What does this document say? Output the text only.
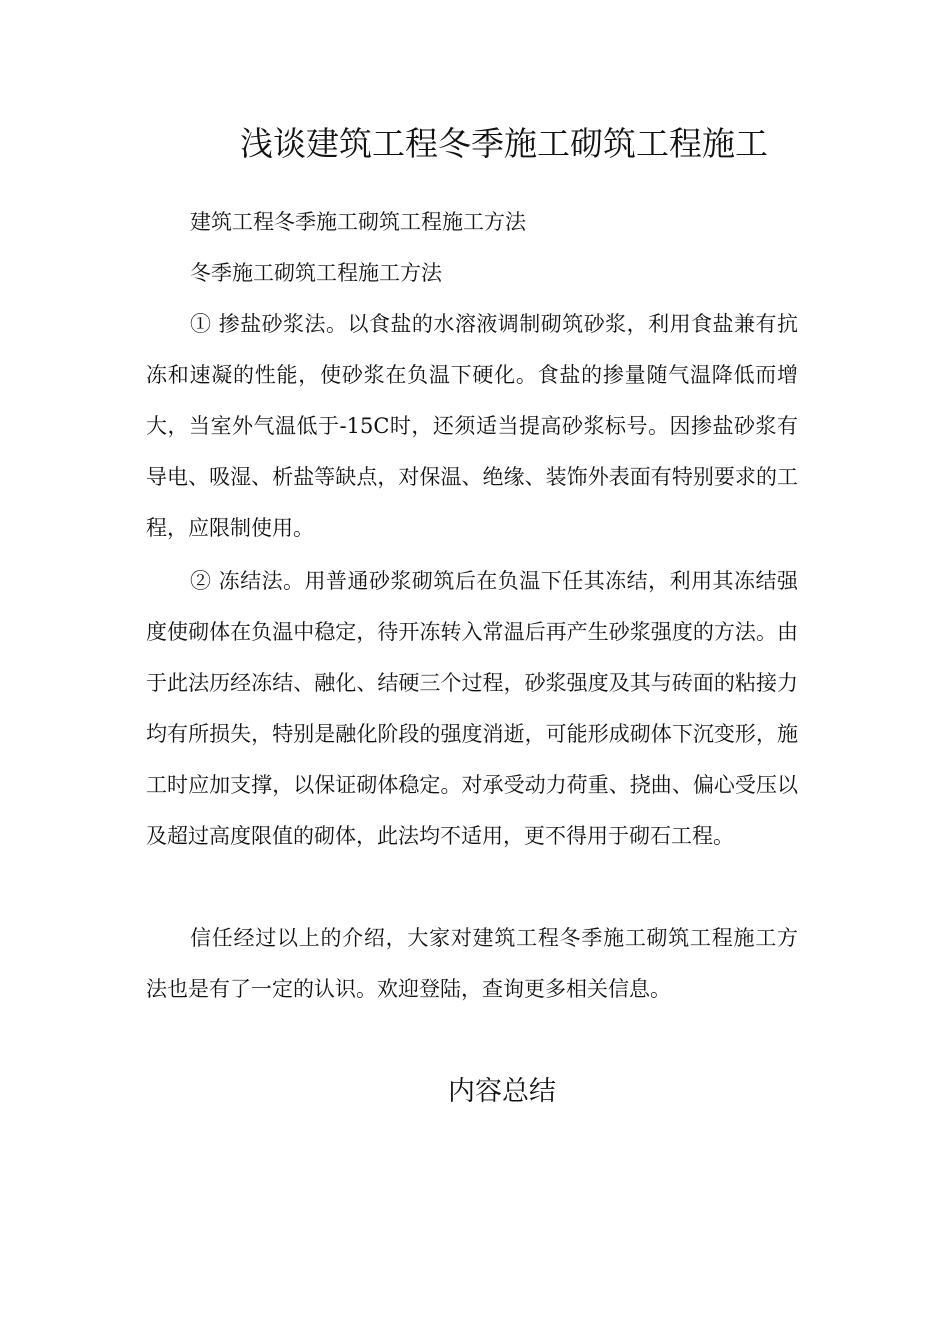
浅谈建筑工程冬季施工砌筑工程施工

建筑工程冬季施工砌筑工程施工方法

冬季施工砌筑工程施工方法

① 掺盐砂浆法。以食盐的水溶液调制砌筑砂浆，利用食盐兼有抗冻和速凝的性能，使砂浆在负温下硬化。食盐的掺量随气温降低而增大，当室外气温低于-15C时，还须适当提高砂浆标号。因掺盐砂浆有导电、吸湿、析盐等缺点，对保温、绝缘、装饰外表面有特别要求的工程，应限制使用。

② 冻结法。用普通砂浆砌筑后在负温下任其冻结，利用其冻结强度使砌体在负温中稳定，待开冻转入常温后再产生砂浆强度的方法。由于此法历经冻结、融化、结硬三个过程，砂浆强度及其与砖面的粘接力均有所损失，特别是融化阶段的强度消逝，可能形成砌体下沉变形，施工时应加支撑，以保证砌体稳定。对承受动力荷重、挠曲、偏心受压以及超过高度限值的砌体，此法均不适用，更不得用于砌石工程。

信任经过以上的介绍，大家对建筑工程冬季施工砌筑工程施工方法也是有了一定的认识。欢迎登陆，查询更多相关信息。

内容总结
